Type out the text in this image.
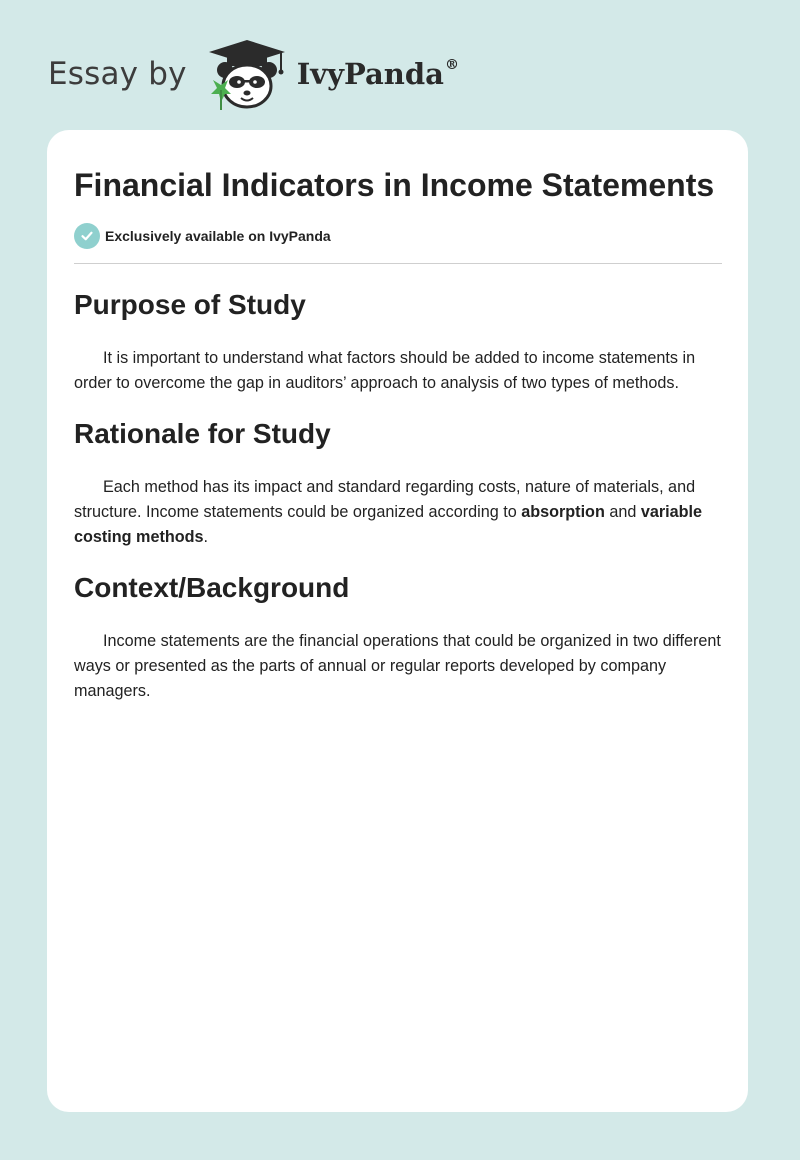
Essay by	IvyPanda®
Financial Indicators in Income Statements
Exclusively available on IvyPanda
Purpose of Study

It is important to understand what factors should be added to income statements in order to overcome the gap in auditors’ approach to analysis of two types of methods.

Rationale for Study

Each method has its impact and standard regarding costs, nature of materials, and structure. Income statements could be organized according to absorption and variable costing methods.

Context/Background

Income statements are the financial operations that could be organized in two different ways or presented as the parts of annual or regular reports developed by company managers.
